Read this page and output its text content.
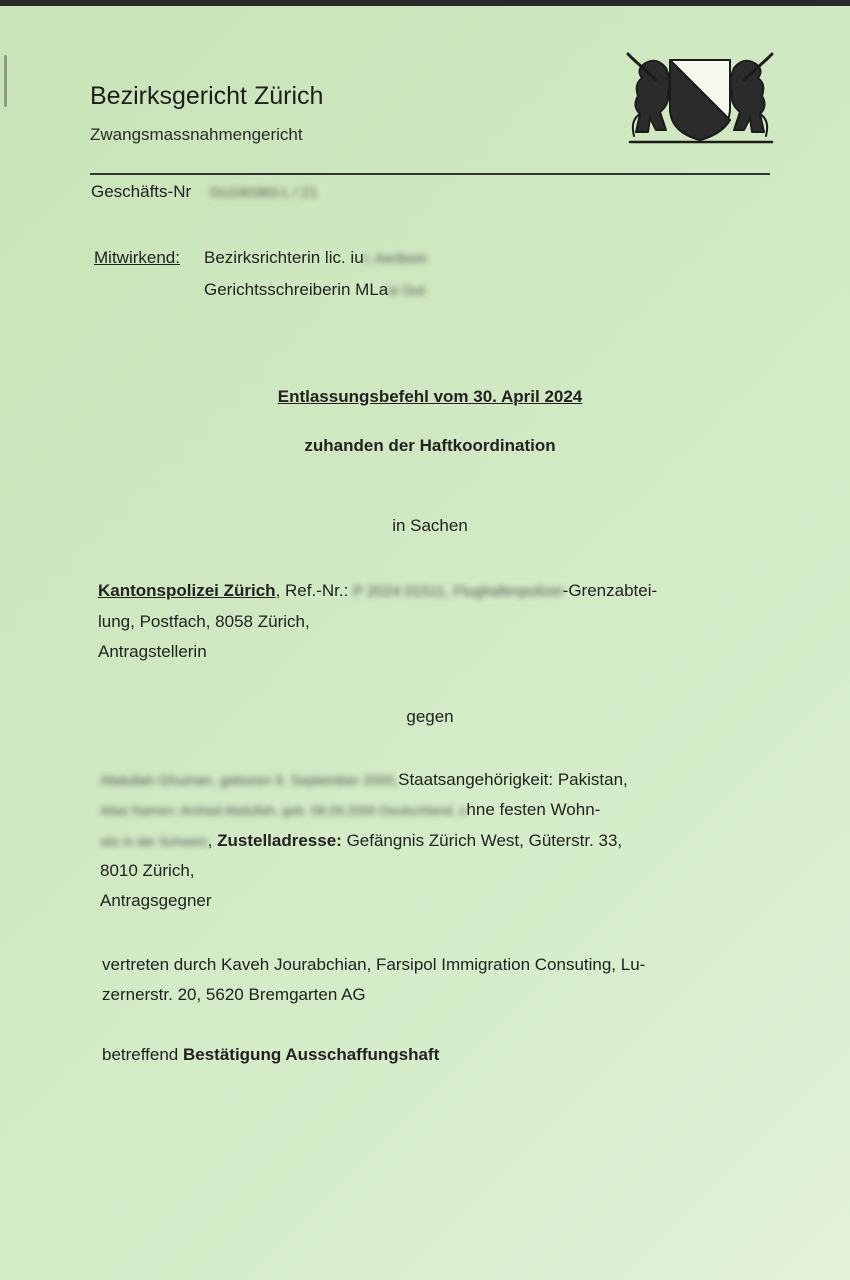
Bezirksgericht Zürich
Zwangsmassnahmengericht
Geschäfts-Nr GU240363-L / Z1
Mitwirkend: Bezirksrichterin lic. iur. Aeribom
Gerichtsschreiberin MLaw Gut
Entlassungsbefehl vom 30. April 2024
zuhanden der Haftkoordination
in Sachen
Kantonspolizei Zürich, Ref.-Nr.: P 2024 01511, Flughafenpolizei-Grenzabtei-
lung, Postfach, 8058 Zürich,
Antragstellerin
gegen
Abdullah Ghuman, geboren 9. September 2000,Staatsangehörigkeit: Pakistan,
Alias Namen: Arshad Abdullah, geb. 08.09.2000 Deutschland, ohne festen Wohn-
sitz in der Schweiz, Zustelladresse: Gefängnis Zürich West, Güterstr. 33,
8010 Zürich,
Antragsgegner
vertreten durch Kaveh Jourabchian, Farsipol Immigration Consuting, Lu-
zernerstr. 20, 5620 Bremgarten AG
betreffend Bestätigung Ausschaffungshaft
